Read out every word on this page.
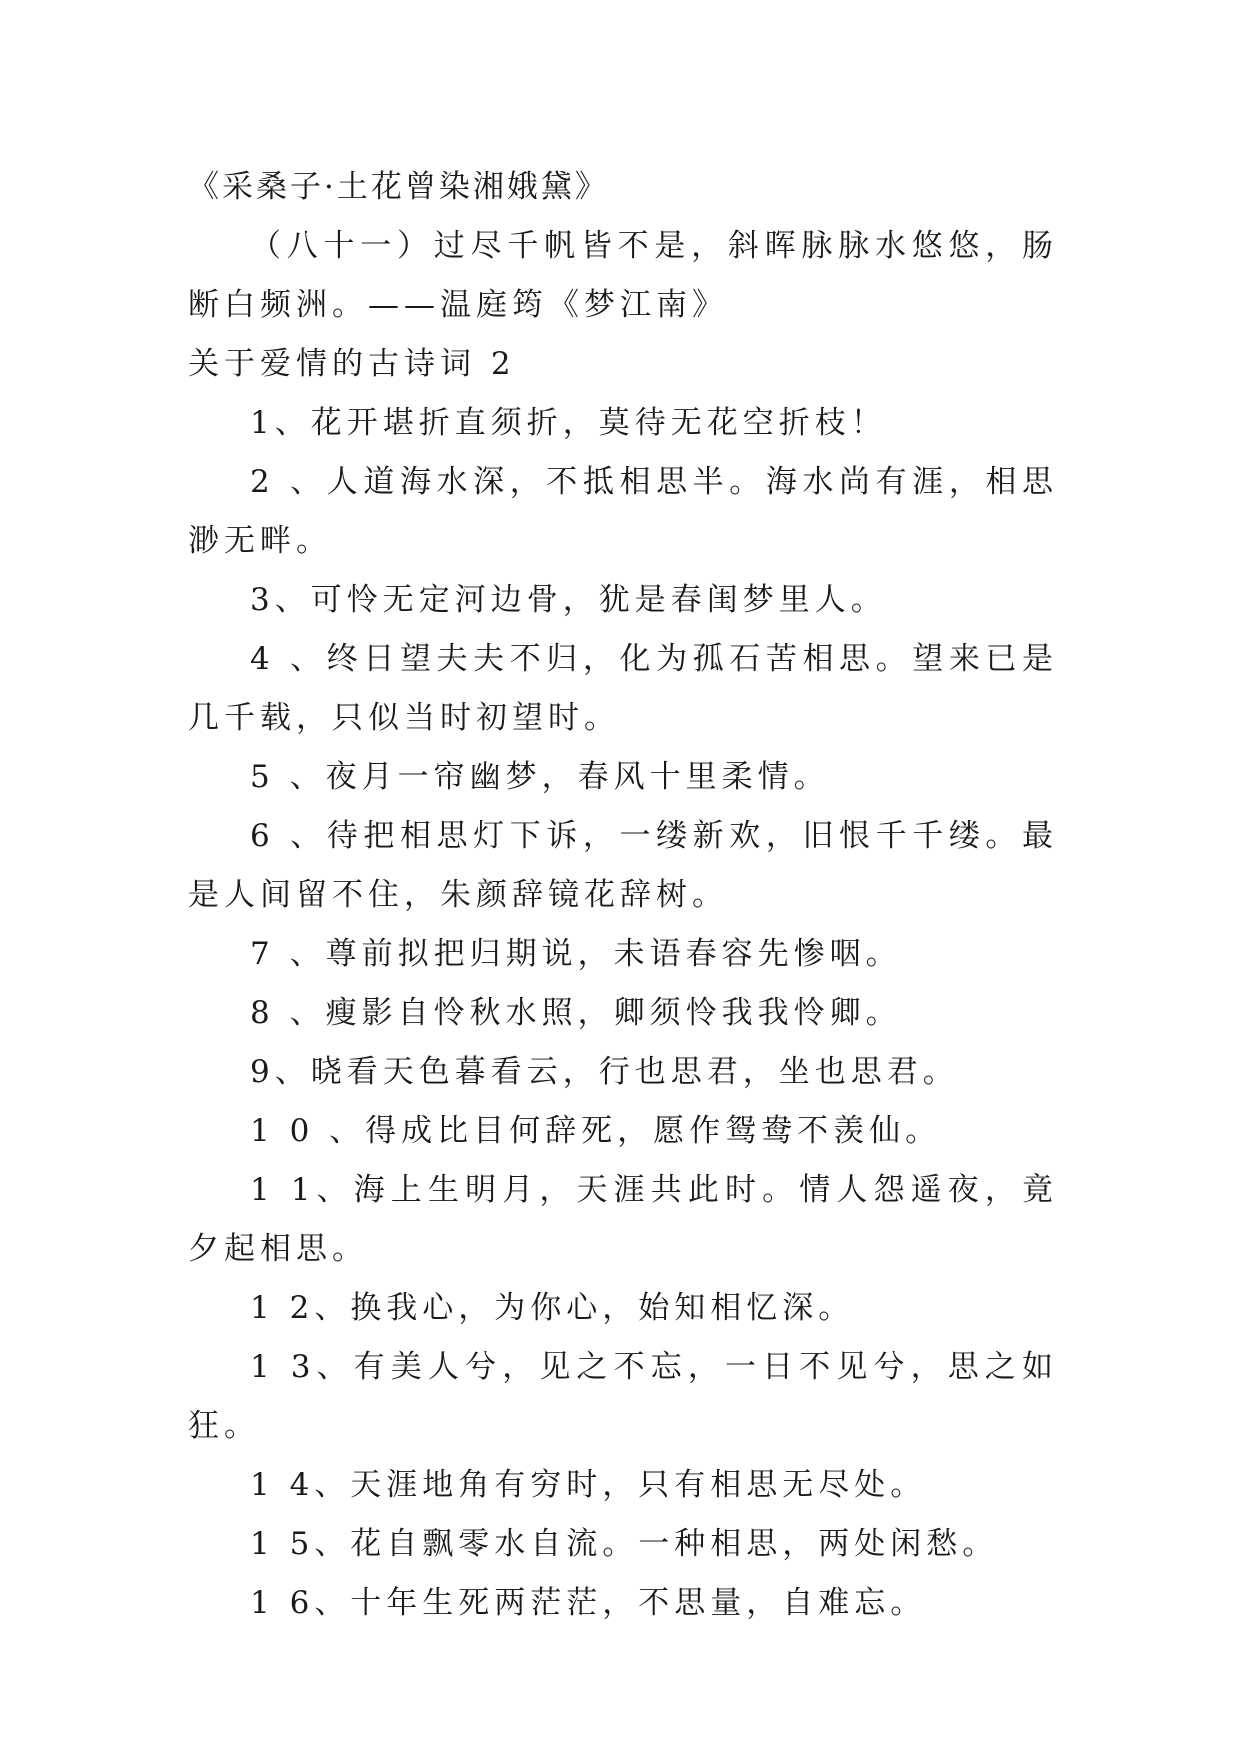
《采桑子·土花曾染湘娥黛》

（八十一）过尽千帆皆不是，斜晖脉脉水悠悠，肠断白频洲。——温庭筠《梦江南》

关于爱情的古诗词 2

1、花开堪折直须折，莫待无花空折枝！

2 、人道海水深，不抵相思半。海水尚有涯，相思渺无畔。

3、可怜无定河边骨，犹是春闺梦里人。

4 、终日望夫夫不归，化为孤石苦相思。望来已是几千载，只似当时初望时。

5 、夜月一帘幽梦，春风十里柔情。

6 、待把相思灯下诉，一缕新欢，旧恨千千缕。最是人间留不住，朱颜辞镜花辞树。

7 、尊前拟把归期说，未语春容先惨咽。

8 、瘦影自怜秋水照，卿须怜我我怜卿。

9、晓看天色暮看云，行也思君，坐也思君。

1 0 、得成比目何辞死，愿作鸳鸯不羡仙。

1 1、海上生明月，天涯共此时。情人怨遥夜，竟夕起相思。

1 2、换我心，为你心，始知相忆深。

1 3、有美人兮，见之不忘，一日不见兮，思之如狂。

1 4、天涯地角有穷时，只有相思无尽处。

1 5、花自飘零水自流。一种相思，两处闲愁。

1 6、十年生死两茫茫，不思量，自难忘。
